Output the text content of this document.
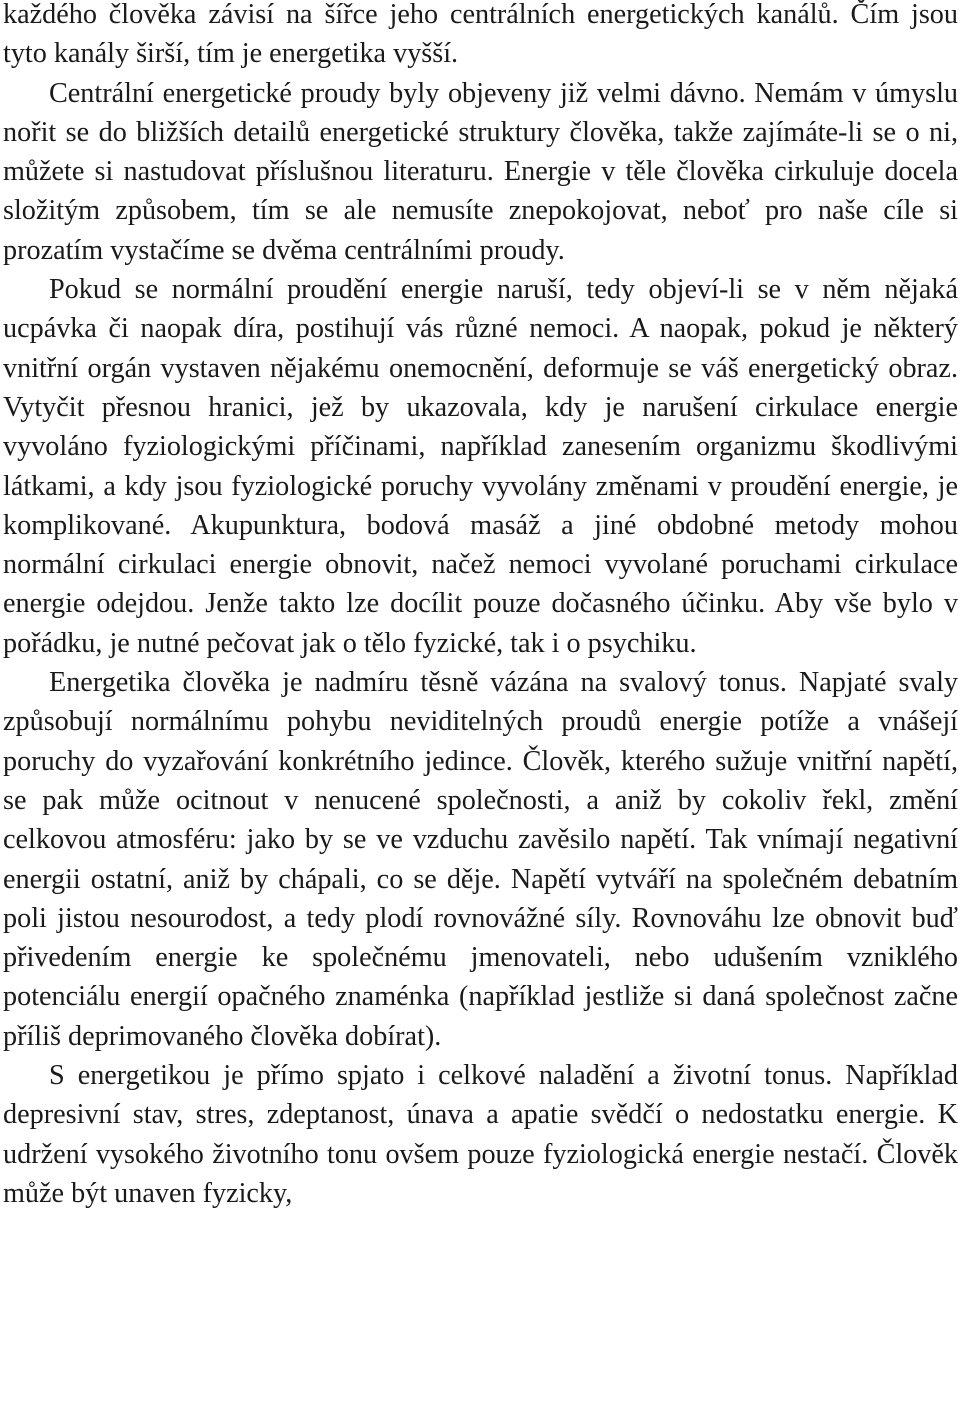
každého člověka závisí na šířce jeho centrálních energetických kanálů. Čím jsou tyto kanály širší, tím je energetika vyšší.

Centrální energetické proudy byly objeveny již velmi dávno. Nemám v úmyslu nořit se do bližších detailů energetické struktury člověka, takže zajímáte-li se o ni, můžete si nastudovat příslušnou literaturu. Energie v těle člověka cirkuluje docela složitým způsobem, tím se ale nemusíte znepokojovat, neboť pro naše cíle si prozatím vystačíme se dvěma centrálními proudy.

Pokud se normální proudění energie naruší, tedy objeví-li se v něm nějaká ucpávka či naopak díra, postihují vás různé nemoci. A naopak, pokud je některý vnitřní orgán vystaven nějakému onemocnění, deformuje se váš energetický obraz. Vytyčit přesnou hranici, jež by ukazovala, kdy je narušení cirkulace energie vyvoláno fyziologickými příčinami, například zanesením organizmu škodlivými látkami, a kdy jsou fyziologické poruchy vyvolány změnami v proudění energie, je komplikované. Akupunktura, bodová masáž a jiné obdobné metody mohou normální cirkulaci energie obnovit, načež nemoci vyvolané poruchami cirkulace energie odejdou. Jenže takto lze docílit pouze dočasného účinku. Aby vše bylo v pořádku, je nutné pečovat jak o tělo fyzické, tak i o psychiku.

Energetika člověka je nadmíru těsně vázána na svalový tonus. Napjaté svaly způsobují normálnímu pohybu neviditelných proudů energie potíže a vnášejí poruchy do vyzařování konkrétního jedince. Člověk, kterého sužuje vnitřní napětí, se pak může ocitnout v nenucené společnosti, a aniž by cokoliv řekl, změní celkovou atmosféru: jako by se ve vzduchu zavěsilo napětí. Tak vnímají negativní energii ostatní, aniž by chápali, co se děje. Napětí vytváří na společném debatním poli jistou nesourodost, a tedy plodí rovnovážné síly. Rovnováhu lze obnovit buď přivedením energie ke společnému jmenovateli, nebo udušením vzniklého potenciálu energií opačného znaménka (například jestliže si daná společnost začne příliš deprimovaného člověka dobírat).

S energetikou je přímo spjato i celkové naladění a životní tonus. Například depresivní stav, stres, zdeptanost, únava a apatie svědčí o nedostatku energie. K udržení vysokého životního tonu ovšem pouze fyziologická energie nestačí. Člověk může být unaven fyzicky,
